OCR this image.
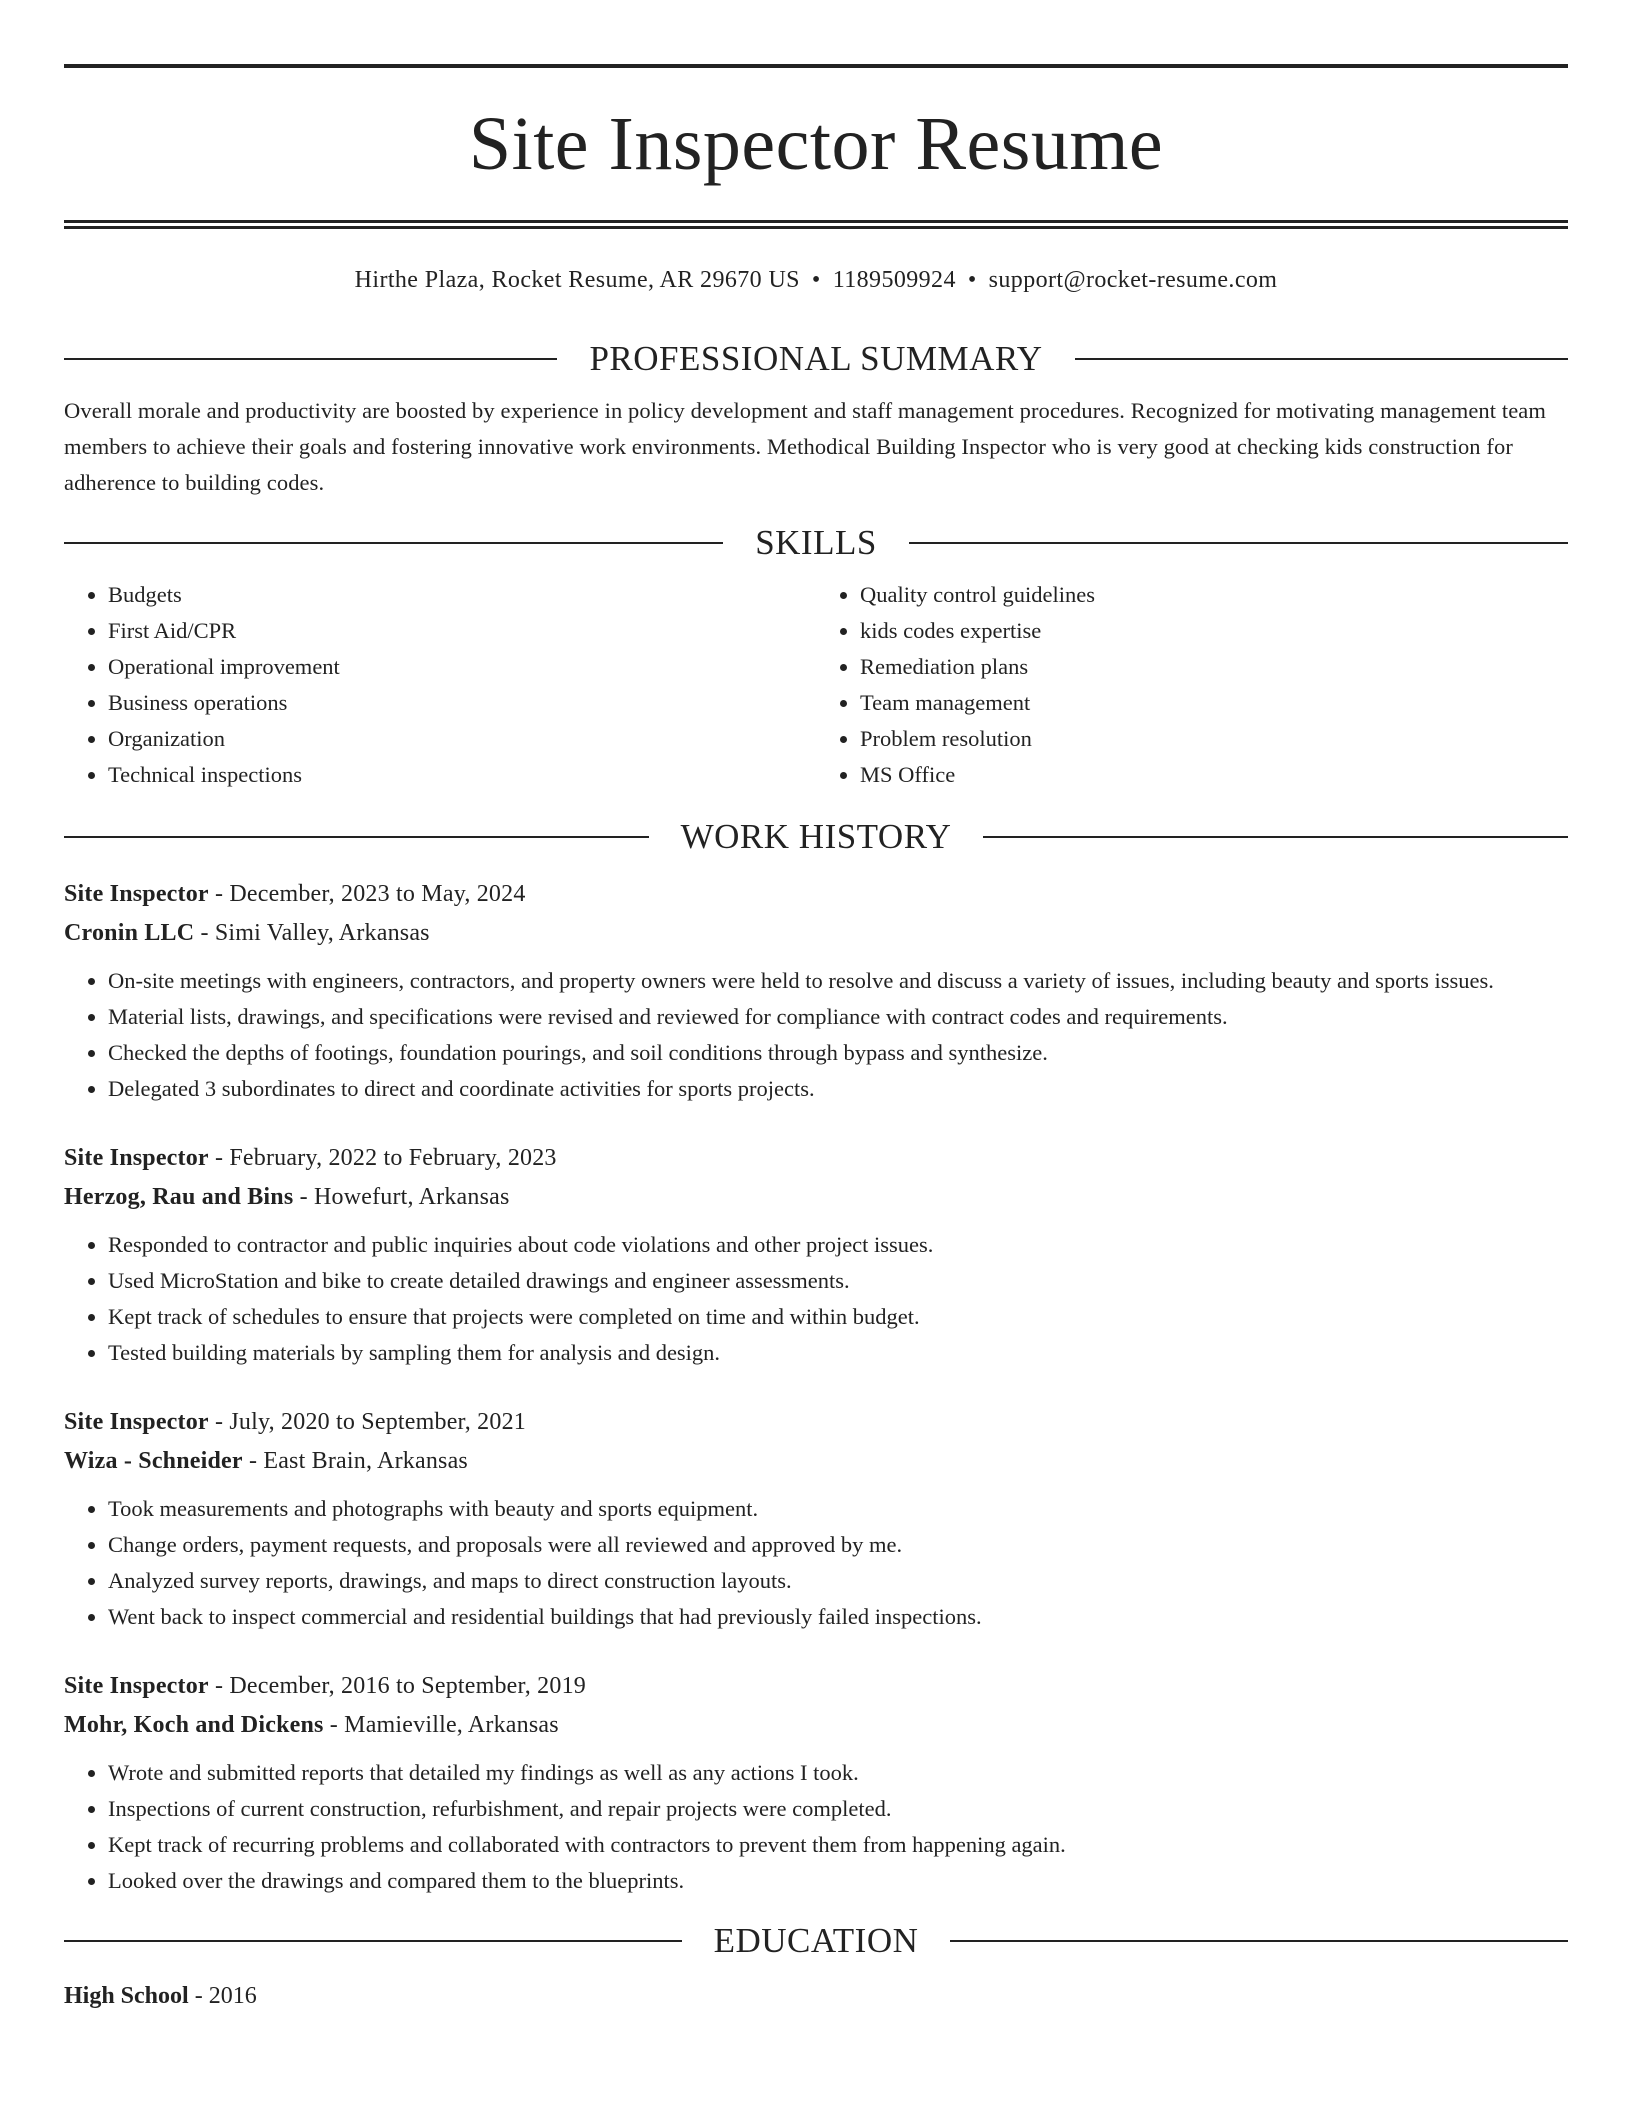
Site Inspector Resume
Hirthe Plaza, Rocket Resume, AR 29670 US • 1189509924 • support@rocket-resume.com
PROFESSIONAL SUMMARY
Overall morale and productivity are boosted by experience in policy development and staff management procedures. Recognized for motivating management team members to achieve their goals and fostering innovative work environments. Methodical Building Inspector who is very good at checking kids construction for adherence to building codes.
SKILLS
• Budgets
• First Aid/CPR
• Operational improvement
• Business operations
• Organization
• Technical inspections
• Quality control guidelines
• kids codes expertise
• Remediation plans
• Team management
• Problem resolution
• MS Office
WORK HISTORY
Site Inspector - December, 2023 to May, 2024
Cronin LLC - Simi Valley, Arkansas
• On-site meetings with engineers, contractors, and property owners were held to resolve and discuss a variety of issues, including beauty and sports issues.
• Material lists, drawings, and specifications were revised and reviewed for compliance with contract codes and requirements.
• Checked the depths of footings, foundation pourings, and soil conditions through bypass and synthesize.
• Delegated 3 subordinates to direct and coordinate activities for sports projects.
Site Inspector - February, 2022 to February, 2023
Herzog, Rau and Bins - Howefurt, Arkansas
• Responded to contractor and public inquiries about code violations and other project issues.
• Used MicroStation and bike to create detailed drawings and engineer assessments.
• Kept track of schedules to ensure that projects were completed on time and within budget.
• Tested building materials by sampling them for analysis and design.
Site Inspector - July, 2020 to September, 2021
Wiza - Schneider - East Brain, Arkansas
• Took measurements and photographs with beauty and sports equipment.
• Change orders, payment requests, and proposals were all reviewed and approved by me.
• Analyzed survey reports, drawings, and maps to direct construction layouts.
• Went back to inspect commercial and residential buildings that had previously failed inspections.
Site Inspector - December, 2016 to September, 2019
Mohr, Koch and Dickens - Mamieville, Arkansas
• Wrote and submitted reports that detailed my findings as well as any actions I took.
• Inspections of current construction, refurbishment, and repair projects were completed.
• Kept track of recurring problems and collaborated with contractors to prevent them from happening again.
• Looked over the drawings and compared them to the blueprints.
EDUCATION
High School - 2016
